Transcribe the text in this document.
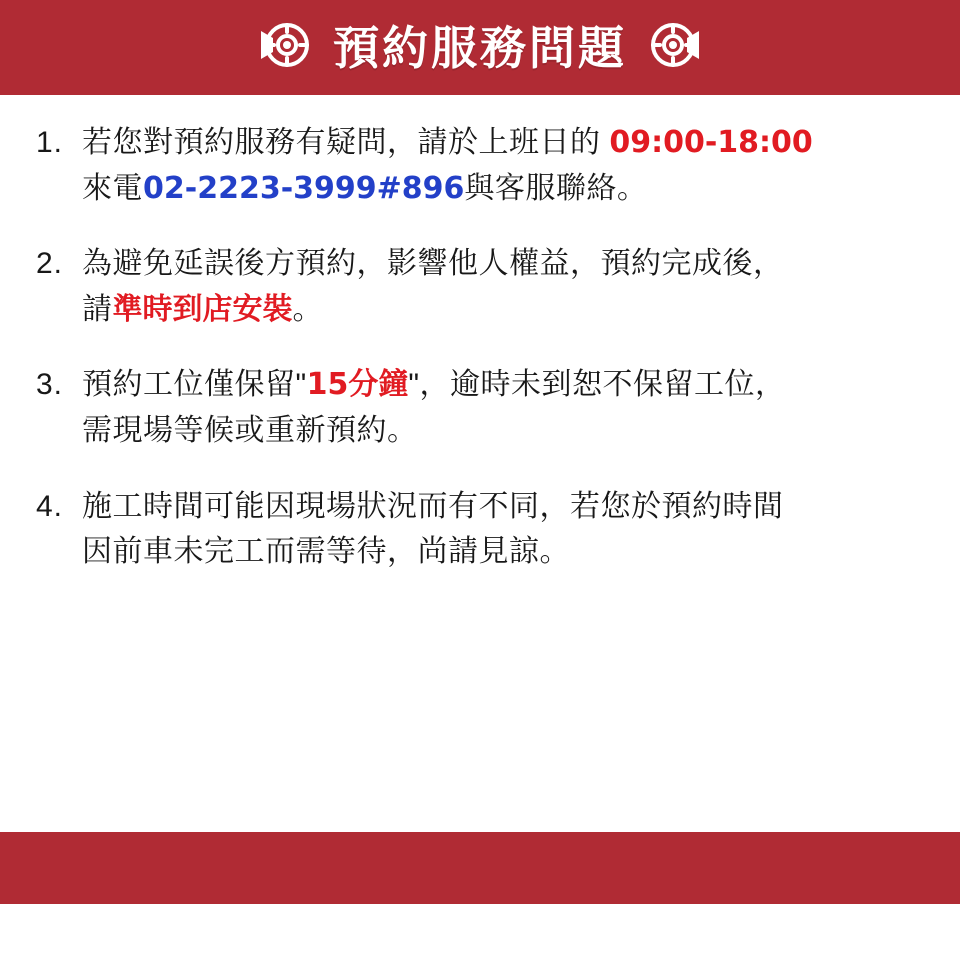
預約服務問題
1. 若您對預約服務有疑問，請於上班日的 09:00-18:00
來電02-2223-3999#896與客服聯絡。
2. 為避免延誤後方預約，影響他人權益，預約完成後，
請準時到店安裝。
3. 預約工位僅保留"15分鐘"，逾時未到恕不保留工位，
需現場等候或重新預約。
4. 施工時間可能因現場狀況而有不同，若您於預約時間
因前車未完工而需等待，尚請見諒。
